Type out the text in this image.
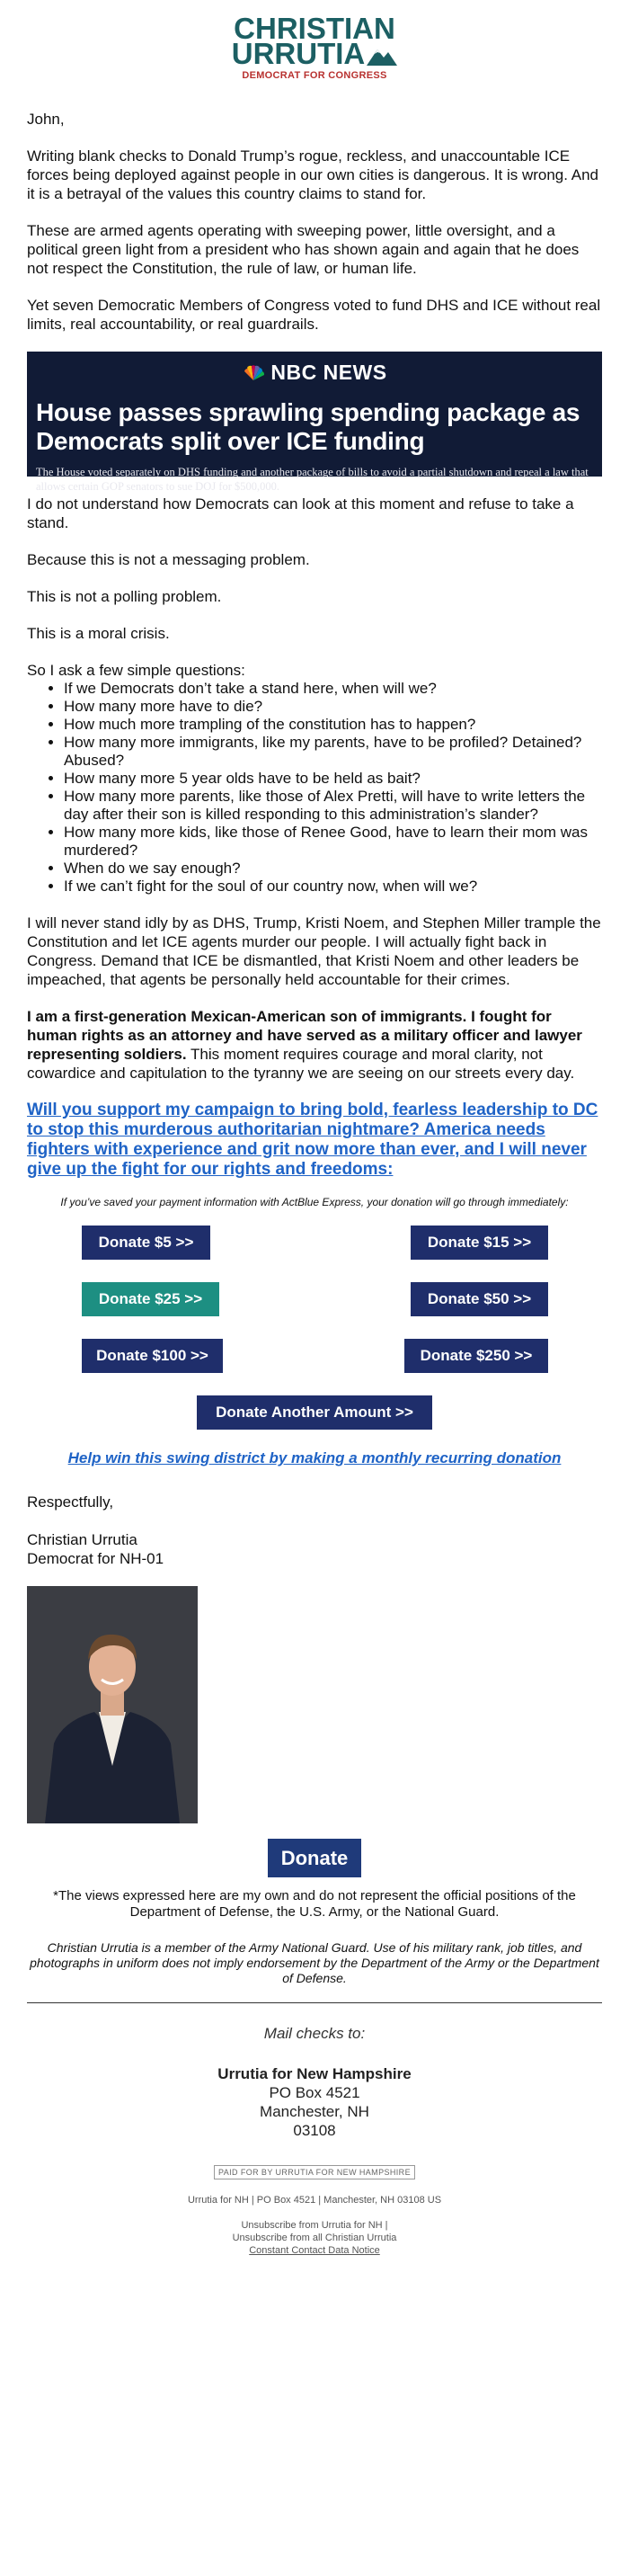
CHRISTIAN
URRUTIA
DEMOCRAT FOR CONGRESS

John,

Writing blank checks to Donald Trump’s rogue, reckless, and unaccountable ICE forces being deployed against people in our own cities is dangerous. It is wrong. And it is a betrayal of the values this country claims to stand for.

These are armed agents operating with sweeping power, little oversight, and a political green light from a president who has shown again and again that he does not respect the Constitution, the rule of law, or human life.

Yet seven Democratic Members of Congress voted to fund DHS and ICE without real limits, real accountability, or real guardrails.

NBC NEWS
House passes sprawling spending package as Democrats split over ICE funding
The House voted separately on DHS funding and another package of bills to avoid a partial shutdown and repeal a law that allows certain GOP senators to sue DOJ for $500,000.

I do not understand how Democrats can look at this moment and refuse to take a stand.

Because this is not a messaging problem.

This is not a polling problem.

This is a moral crisis.

So I ask a few simple questions:

• If we Democrats don’t take a stand here, when will we?
• How many more have to die?
• How much more trampling of the constitution has to happen?
• How many more immigrants, like my parents, have to be profiled? Detained? Abused?
• How many more 5 year olds have to be held as bait?
• How many more parents, like those of Alex Pretti, will have to write letters the day after their son is killed responding to this administration’s slander?
• How many more kids, like those of Renee Good, have to learn their mom was murdered?
• When do we say enough?
• If we can’t fight for the soul of our country now, when will we?

I will never stand idly by as DHS, Trump, Kristi Noem, and Stephen Miller trample the Constitution and let ICE agents murder our people. I will actually fight back in Congress. Demand that ICE be dismantled, that Kristi Noem and other leaders be impeached, that agents be personally held accountable for their crimes.

I am a first-generation Mexican-American son of immigrants. I fought for human rights as an attorney and have served as a military officer and lawyer representing soldiers. This moment requires courage and moral clarity, not cowardice and capitulation to the tyranny we are seeing on our streets every day.

Will you support my campaign to bring bold, fearless leadership to DC to stop this murderous authoritarian nightmare? America needs fighters with experience and grit now more than ever, and I will never give up the fight for our rights and freedoms:
If you’ve saved your payment information with ActBlue Express, your donation will go through immediately:
Donate $5 >>	Donate $15 >>
Donate $25 >>	Donate $50 >>
Donate $100 >>	Donate $250 >>
Donate Another Amount >>
Help win this swing district by making a monthly recurring donation
Respectfully,
Christian Urrutia
Democrat for NH-01
Donate
*The views expressed here are my own and do not represent the official positions of the Department of Defense, the U.S. Army, or the National Guard.
Christian Urrutia is a member of the Army National Guard. Use of his military rank, job titles, and photographs in uniform does not imply endorsement by the Department of the Army or the Department of Defense.
Mail checks to:
Urrutia for New Hampshire
PO Box 4521
Manchester, NH
03108
PAID FOR BY URRUTIA FOR NEW HAMPSHIRE
Urrutia for NH | PO Box 4521 | Manchester, NH 03108 US
Unsubscribe from Urrutia for NH |
Unsubscribe from all Christian Urrutia
Constant Contact Data Notice
